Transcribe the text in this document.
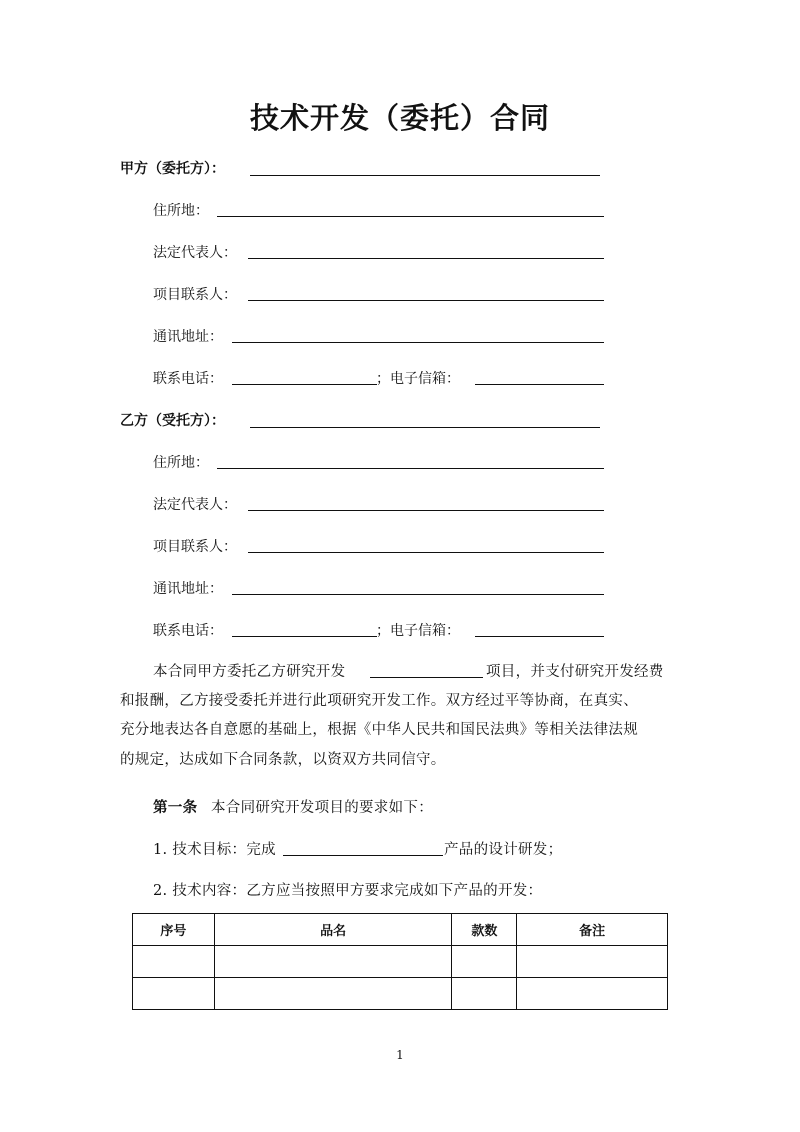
技术开发（委托）合同
甲方（委托方）：
住所地：
法定代表人：
项目联系人：
通讯地址：
联系电话：	；电子信箱：
乙方（受托方）：
住所地：
法定代表人：
项目联系人：
通讯地址：
联系电话：	；电子信箱：
本合同甲方委托乙方研究开发	项目，并支付研究开发经费
和报酬，乙方接受委托并进行此项研究开发工作。双方经过平等协商，在真实、
充分地表达各自意愿的基础上，根据《中华人民共和国民法典》等相关法律法规
的规定，达成如下合同条款，以资双方共同信守。
第一条 本合同研究开发项目的要求如下：
1. 技术目标：完成	产品的设计研发；
2. 技术内容：乙方应当按照甲方要求完成如下产品的开发：
序号	品名	款数	备注

1
